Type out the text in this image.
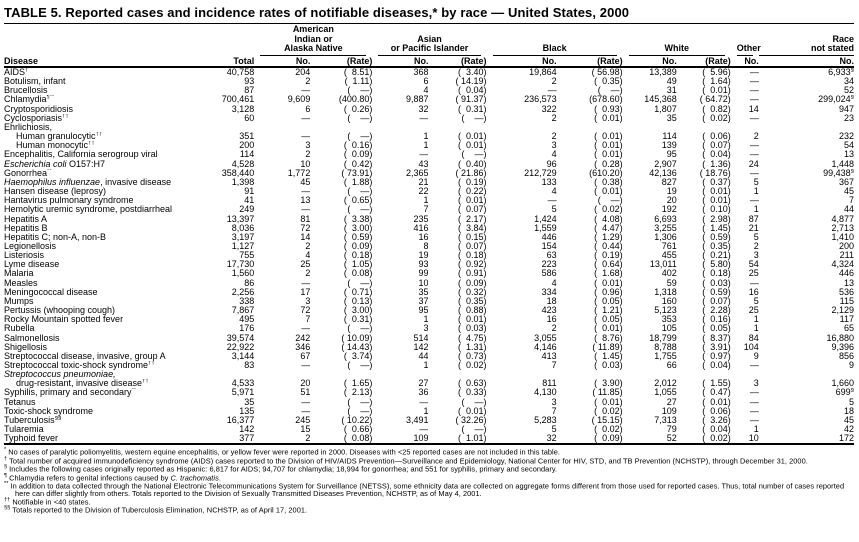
TABLE 5. Reported cases and incidence rates of notifiable diseases,* by race — United States, 2000
Disease	Total	American
Indian or
Alaska Native		Asian
or Pacific Islander		Black		White		Other	Race
not stated

		No.	(Rate)	No.	(Rate)	No.	(Rate)	No.	(Rate)	No.	No.
AIDS†	40,758	204	(  8.51)	368	(  3.40)	19,864	( 56.98)	13,389	(  5.96)	—	6,933§
Botulism, infant	93	2	(  1.11)	6	( 14.19)	2	(  0.35)	49	(  1.64)	—	34
Brucellosis	87	—	(    —)	4	(  0.04)	—	(    —)	31	(  0.01)	—	52
Chlamydia¶**	700,461	9,609	(400.80)	9,887	( 91.37)	236,573	(678.60)	145,368	( 64.72)	—	299,024§
Cryptosporidiosis	3,128	6	(  0.26)	32	(  0.31)	322	(  0.93)	1,807	(  0.82)	14	947
Cyclosporiasis††	60	—	(    —)	—	(    —)	2	(  0.01)	35	(  0.02)	—	23
Ehrlichiosis,											
Human granulocytic††	351	—	(    —)	1	(  0.01)	2	(  0.01)	114	(  0.06)	2	232
Human monocytic††	200	3	(  0.16)	1	(  0.01)	3	(  0.01)	139	(  0.07)	—	54
Encephalitis, California serogroup viral	114	2	(  0.09)	—	(    —)	4	(  0.01)	95	(  0.04)	—	13
Escherichia coli O157:H7	4,528	10	(  0.42)	43	(  0.40)	96	(  0.28)	2,907	(  1.36)	24	1,448
Gonorrhea**	358,440	1,772	( 73.91)	2,365	( 21.86)	212,729	(610.20)	42,136	( 18.76)	—	99,438§
Haemophilus influenzae, invasive disease	1,398	45	(  1.88)	21	(  0.19)	133	(  0.38)	827	(  0.37)	5	367
Hansen disease (leprosy)	91	—	(    —)	22	(  0.22)	4	(  0.01)	19	(  0.01)	1	45
Hantavirus pulmonary syndrome	41	13	(  0.65)	1	(  0.01)	—	(    —)	20	(  0.01)	—	7
Hemolytic uremic syndrome, postdiarrheal	249	—	(    —)	7	(  0.07)	5	(  0.02)	192	(  0.10)	1	44
Hepatitis A	13,397	81	(  3.38)	235	(  2.17)	1,424	(  4.08)	6,693	(  2.98)	87	4,877
Hepatitis B	8,036	72	(  3.00)	416	(  3.84)	1,559	(  4.47)	3,255	(  1.45)	21	2,713
Hepatitis C; non-A, non-B	3,197	14	(  0.59)	16	(  0.15)	446	(  1.29)	1,306	(  0.59)	5	1,410
Legionellosis	1,127	2	(  0.09)	8	(  0.07)	154	(  0.44)	761	(  0.35)	2	200
Listeriosis	755	4	(  0.18)	19	(  0.18)	63	(  0.19)	455	(  0.21)	3	211
Lyme disease	17,730	25	(  1.05)	93	(  0.92)	223	(  0.64)	13,011	(  5.80)	54	4,324
Malaria	1,560	2	(  0.08)	99	(  0.91)	586	(  1.68)	402	(  0.18)	25	446
Measles	86	—	(    —)	10	(  0.09)	4	(  0.01)	59	(  0.03)	—	13
Meningococcal disease	2,256	17	(  0.71)	35	(  0.32)	334	(  0.96)	1,318	(  0.59)	16	536
Mumps	338	3	(  0.13)	37	(  0.35)	18	(  0.05)	160	(  0.07)	5	115
Pertussis (whooping cough)	7,867	72	(  3.00)	95	(  0.88)	423	(  1.21)	5,123	(  2.28)	25	2,129
Rocky Mountain spotted fever	495	7	(  0.31)	1	(  0.01)	16	(  0.05)	353	(  0.16)	1	117
Rubella	176	—	(    —)	3	(  0.03)	2	(  0.01)	105	(  0.05)	1	65
Salmonellosis	39,574	242	( 10.09)	514	(  4.75)	3,055	(  8.76)	18,799	(  8.37)	84	16,880
Shigellosis	22,922	346	( 14.43)	142	(  1.31)	4,146	( 11.89)	8,788	(  3.91)	104	9,396
Streptococcal disease, invasive, group A	3,144	67	(  3.74)	44	(  0.73)	413	(  1.45)	1,755	(  0.97)	9	856
Streptococcal toxic-shock syndrome††	83	—	(    —)	1	(  0.02)	7	(  0.03)	66	(  0.04)	—	9
Streptococcus pneumoniae,											
drug-resistant, invasive disease††	4,533	20	(  1.65)	27	(  0.63)	811	(  3.90)	2,012	(  1.55)	3	1,660
Syphilis, primary and secondary**	5,971	51	(  2.13)	36	(  0.33)	4,130	( 11.85)	1,055	(  0.47)	—	699§
Tetanus	35	—	(    —)	—	(    —)	3	(  0.01)	27	(  0.01)	—	5
Toxic-shock syndrome	135	—	(    —)	1	(  0.01)	7	(  0.02)	109	(  0.06)	—	18
Tuberculosis§§	16,377	245	( 10.22)	3,491	( 32.26)	5,283	( 15.15)	7,313	(  3.26)	—	45
Tularemia	142	15	(  0.66)	—	(    —)	5	(  0.02)	79	(  0.04)	1	42
Typhoid fever	377	2	(  0.08)	109	(  1.01)	32	(  0.09)	52	(  0.02)	10	172
* No cases of paralytic poliomyelitis, western equine encephalitis, or yellow fever were reported in 2000. Diseases with <25 reported cases are not included in this table.
† Total number of acquired immunodeficiency syndrome (AIDS) cases reported to the Division of HIV/AIDS Prevention—Surveillance and Epidemiology, National Center for HIV, STD, and TB Prevention (NCHSTP), through December 31, 2000.
§ Includes the following cases originally reported as Hispanic: 6,817 for AIDS; 94,707 for chlamydia; 18,994 for gonorrhea; and 551 for syphilis, primary and secondary.
¶ Chlamydia refers to genital infections caused by C. trachomatis.
** In addition to data collected through the National Electronic Telecommunications System for Surveillance (NETSS), some ethnicity data are collected on aggregate forms different from those used for reported cases. Thus, total number of cases reported here can differ slightly from others. Totals reported to the Division of Sexually Transmitted Diseases Prevention, NCHSTP, as of May 4, 2001.
†† Notifiable in <40 states.
§§ Totals reported to the Division of Tuberculosis Elimination, NCHSTP, as of April 17, 2001.
